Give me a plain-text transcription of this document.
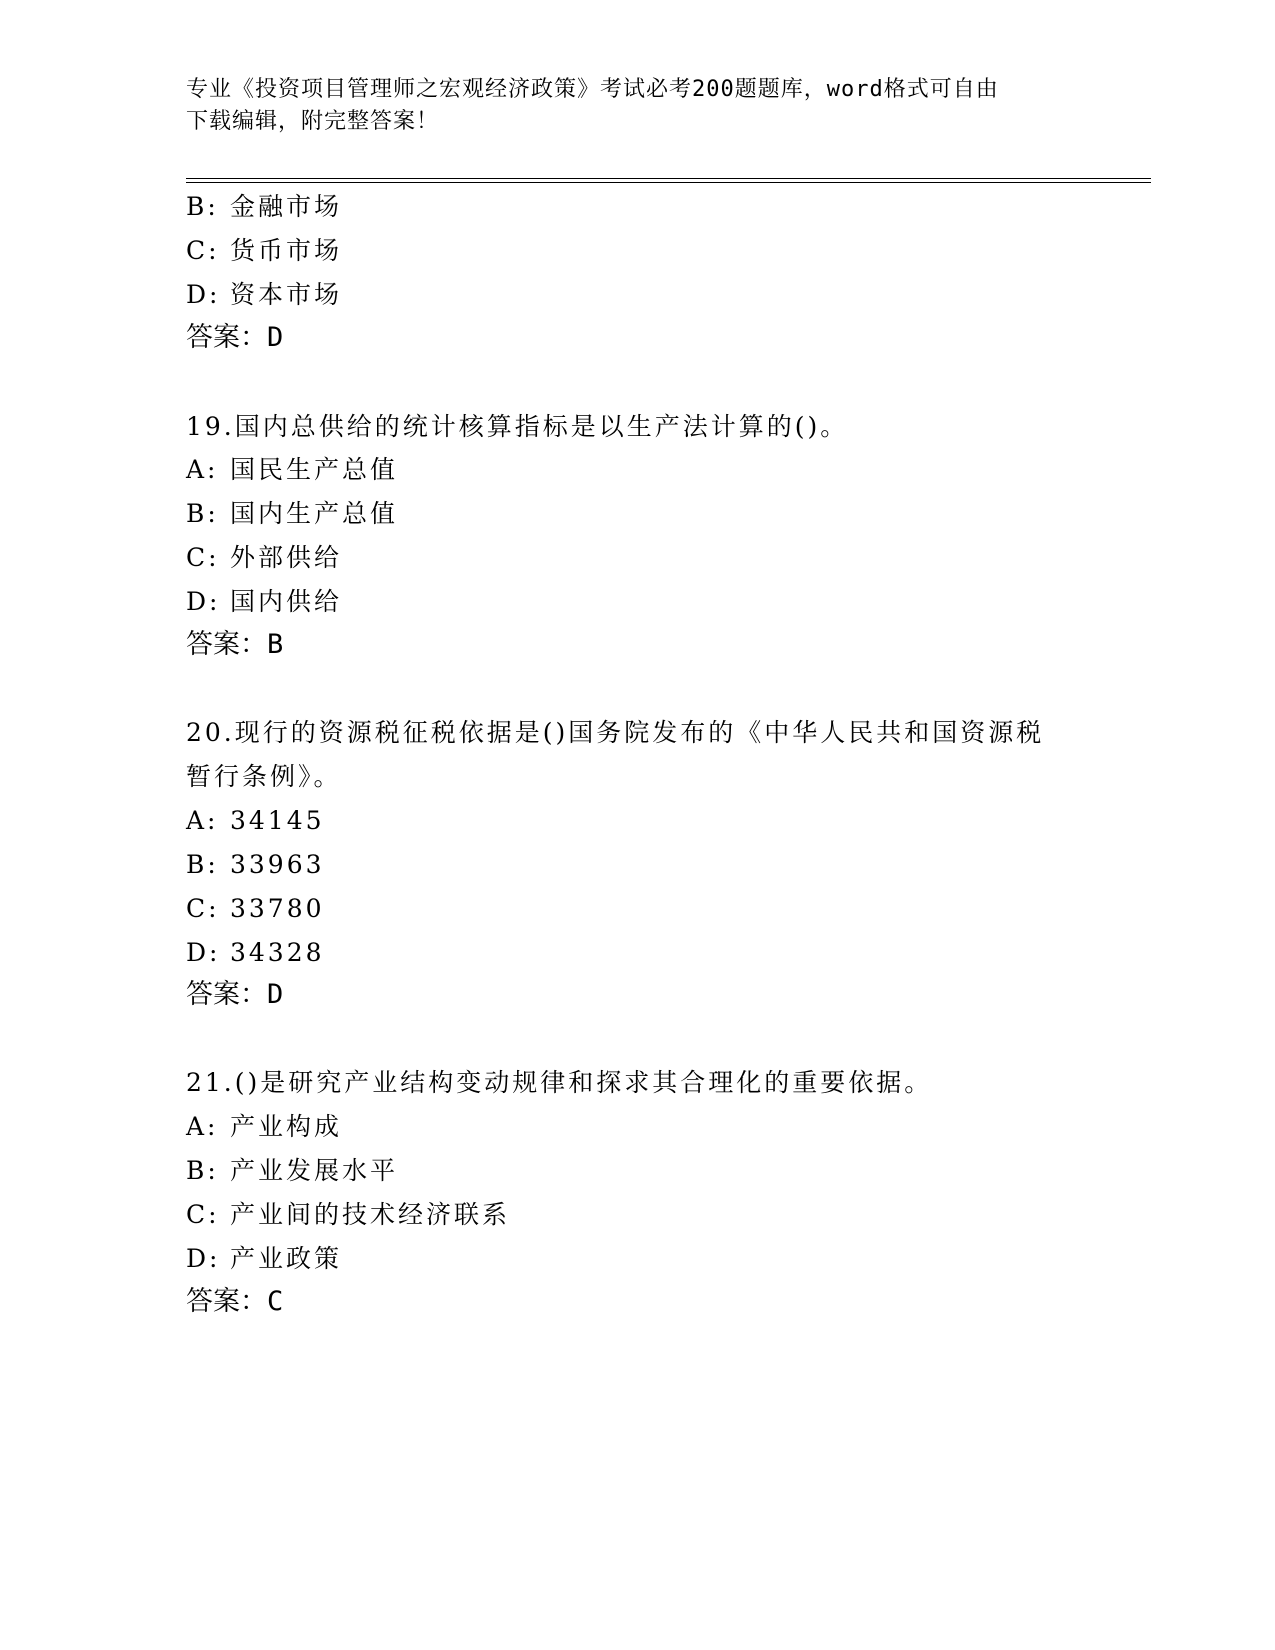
专业《投资项目管理师之宏观经济政策》考试必考200题题库，word格式可自由
下载编辑，附完整答案！

B: 金融市场

C: 货币市场

D: 资本市场

答案：D

19.国内总供给的统计核算指标是以生产法计算的()。

A: 国民生产总值

B: 国内生产总值

C: 外部供给

D: 国内供给

答案：B

20.现行的资源税征税依据是()国务院发布的《中华人民共和国资源税

暂行条例》。

A: 34145

B: 33963

C: 33780

D: 34328

答案：D

21.()是研究产业结构变动规律和探求其合理化的重要依据。

A: 产业构成

B: 产业发展水平

C: 产业间的技术经济联系

D: 产业政策

答案：C
